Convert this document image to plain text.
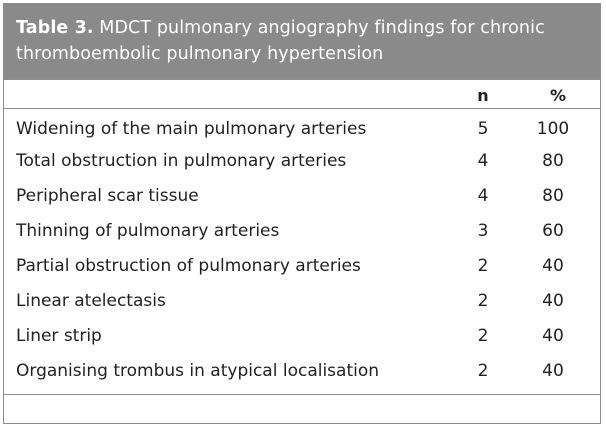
Table 3. MDCT pulmonary angiography findings for chronic thromboembolic pulmonary hypertension
	n	%
Widening of the main pulmonary arteries	5	100
Total obstruction in pulmonary arteries	4	80
Peripheral scar tissue	4	80
Thinning of pulmonary arteries	3	60
Partial obstruction of pulmonary arteries	2	40
Linear atelectasis	2	40
Liner strip	2	40
Organising trombus in atypical localisation	2	40
